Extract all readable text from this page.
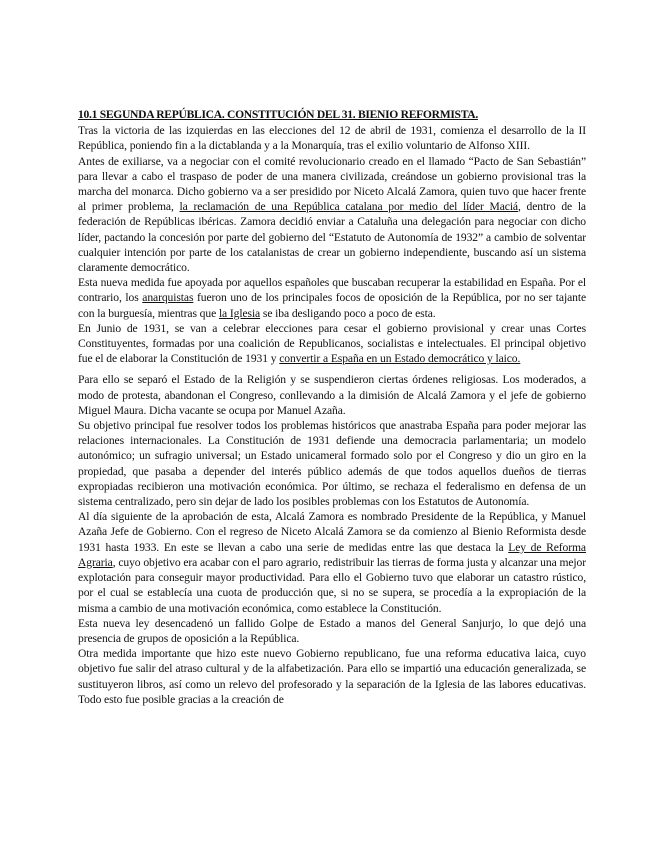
10.1 SEGUNDA REPÚBLICA. CONSTITUCIÓN DEL 31. BIENIO REFORMISTA.

Tras la victoria de las izquierdas en las elecciones del 12 de abril de 1931, comienza el desarrollo de la II República, poniendo fin a la dictablanda y a la Monarquía, tras el exilio voluntario de Alfonso XIII.

Antes de exiliarse, va a negociar con el comité revolucionario creado en el llamado “Pacto de San Sebastián” para llevar a cabo el traspaso de poder de una manera civilizada, creándose un gobierno provisional tras la marcha del monarca. Dicho gobierno va a ser presidido por Niceto Alcalá Zamora, quien tuvo que hacer frente al primer problema, la reclamación de una República catalana por medio del líder Maciá, dentro de la federación de Repúblicas ibéricas. Zamora decidió enviar a Cataluña una delegación para negociar con dicho líder, pactando la concesión por parte del gobierno del “Estatuto de Autonomía de 1932” a cambio de solventar cualquier intención por parte de los catalanistas de crear un gobierno independiente, buscando así un sistema claramente democrático.

Esta nueva medida fue apoyada por aquellos españoles que buscaban recuperar la estabilidad en España. Por el contrario, los anarquistas fueron uno de los principales focos de oposición de la República, por no ser tajante con la burguesía, mientras que la Iglesia se iba desligando poco a poco de esta.

En Junio de 1931, se van a celebrar elecciones para cesar el gobierno provisional y crear unas Cortes Constituyentes, formadas por una coalición de Republicanos, socialistas e intelectuales. El principal objetivo fue el de elaborar la Constitución de 1931 y convertir a España en un Estado democrático y laico.

Para ello se separó el Estado de la Religión y se suspendieron ciertas órdenes religiosas. Los moderados, a modo de protesta, abandonan el Congreso, conllevando a la dimisión de Alcalá Zamora y el jefe de gobierno Miguel Maura. Dicha vacante se ocupa por Manuel Azaña.

Su objetivo principal fue resolver todos los problemas históricos que anastraba España para poder mejorar las relaciones internacionales. La Constitución de 1931 defiende una democracia parlamentaria; un modelo autonómico; un sufragio universal; un Estado unicameral formado solo por el Congreso y dio un giro en la propiedad, que pasaba a depender del interés público además de que todos aquellos dueños de tierras expropiadas recibieron una motivación económica. Por último, se rechaza el federalismo en defensa de un sistema centralizado, pero sin dejar de lado los posibles problemas con los Estatutos de Autonomía.

Al día siguiente de la aprobación de esta, Alcalá Zamora es nombrado Presidente de la República, y Manuel Azaña Jefe de Gobierno. Con el regreso de Niceto Alcalá Zamora se da comienzo al Bienio Reformista desde 1931 hasta 1933. En este se llevan a cabo una serie de medidas entre las que destaca la Ley de Reforma Agraria, cuyo objetivo era acabar con el paro agrario, redistribuir las tierras de forma justa y alcanzar una mejor explotación para conseguir mayor productividad. Para ello el Gobierno tuvo que elaborar un catastro rústico, por el cual se establecía una cuota de producción que, si no se supera, se procedía a la expropiación de la misma a cambio de una motivación económica, como establece la Constitución.

Esta nueva ley desencadenó un fallido Golpe de Estado a manos del General Sanjurjo, lo que dejó una presencia de grupos de oposición a la República.

Otra medida importante que hizo este nuevo Gobierno republicano, fue una reforma educativa laica, cuyo objetivo fue salir del atraso cultural y de la alfabetización. Para ello se impartió una educación generalizada, se sustituyeron libros, así como un relevo del profesorado y la separación de la Iglesia de las labores educativas. Todo esto fue posible gracias a la creación de
